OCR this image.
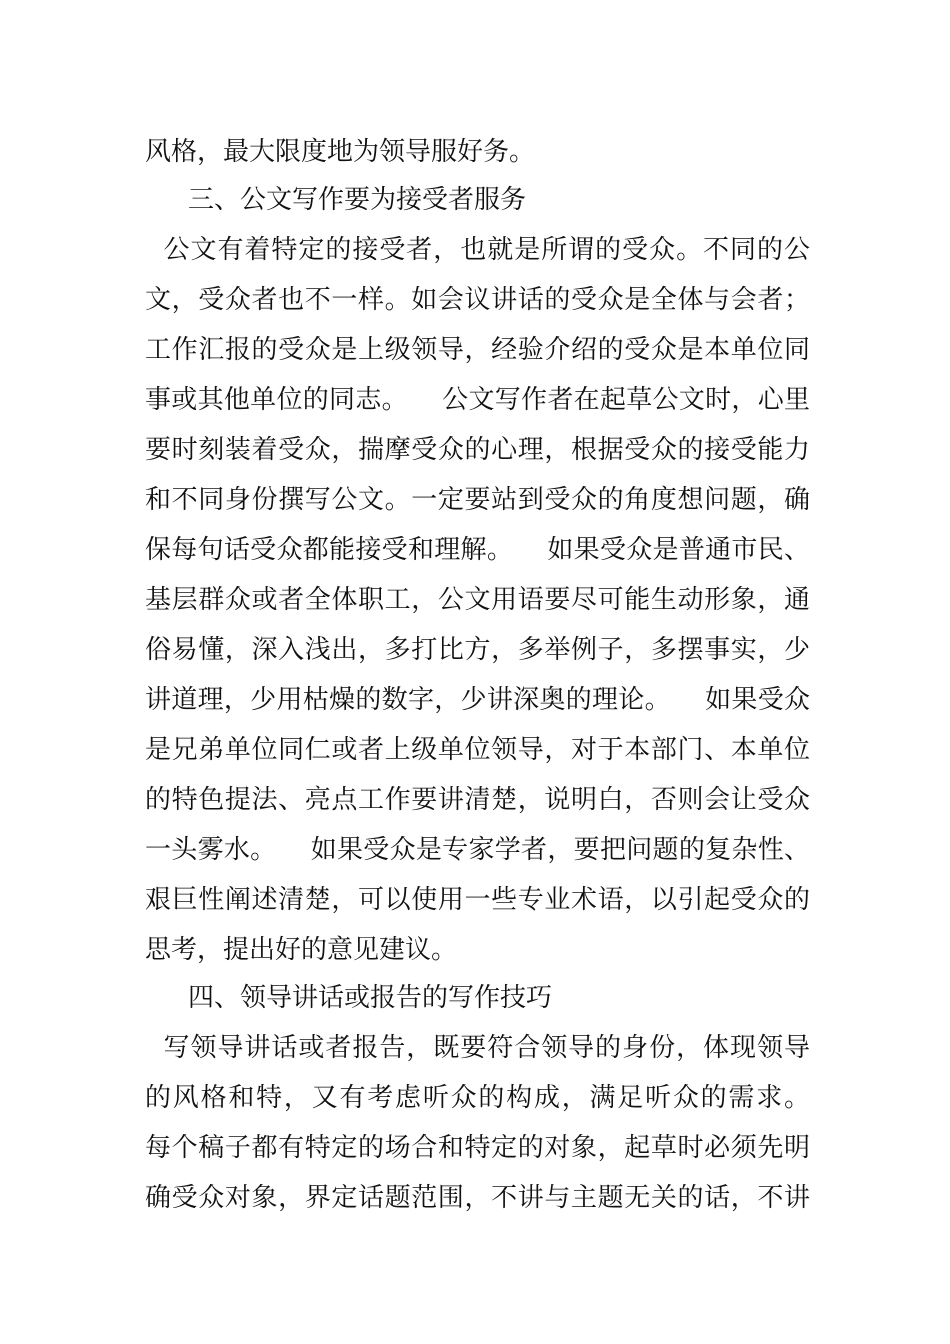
风格，最大限度地为领导服好务。
三、公文写作要为接受者服务
公文有着特定的接受者，也就是所谓的受众。不同的公
文，受众者也不一样。如会议讲话的受众是全体与会者；
工作汇报的受众是上级领导，经验介绍的受众是本单位同
事或其他单位的同志。    公文写作者在起草公文时，心里
要时刻装着受众，揣摩受众的心理，根据受众的接受能力
和不同身份撰写公文。一定要站到受众的角度想问题，确
保每句话受众都能接受和理解。    如果受众是普通市民、
基层群众或者全体职工，公文用语要尽可能生动形象，通
俗易懂，深入浅出，多打比方，多举例子，多摆事实，少
讲道理，少用枯燥的数字，少讲深奥的理论。    如果受众
是兄弟单位同仁或者上级单位领导，对于本部门、本单位
的特色提法、亮点工作要讲清楚，说明白，否则会让受众
一头雾水。    如果受众是专家学者，要把问题的复杂性、
艰巨性阐述清楚，可以使用一些专业术语，以引起受众的
思考，提出好的意见建议。
四、领导讲话或报告的写作技巧
写领导讲话或者报告，既要符合领导的身份，体现领导
的风格和特，又有考虑听众的构成，满足听众的需求。
每个稿子都有特定的场合和特定的对象，起草时必须先明
确受众对象，界定话题范围，不讲与主题无关的话，不讲
